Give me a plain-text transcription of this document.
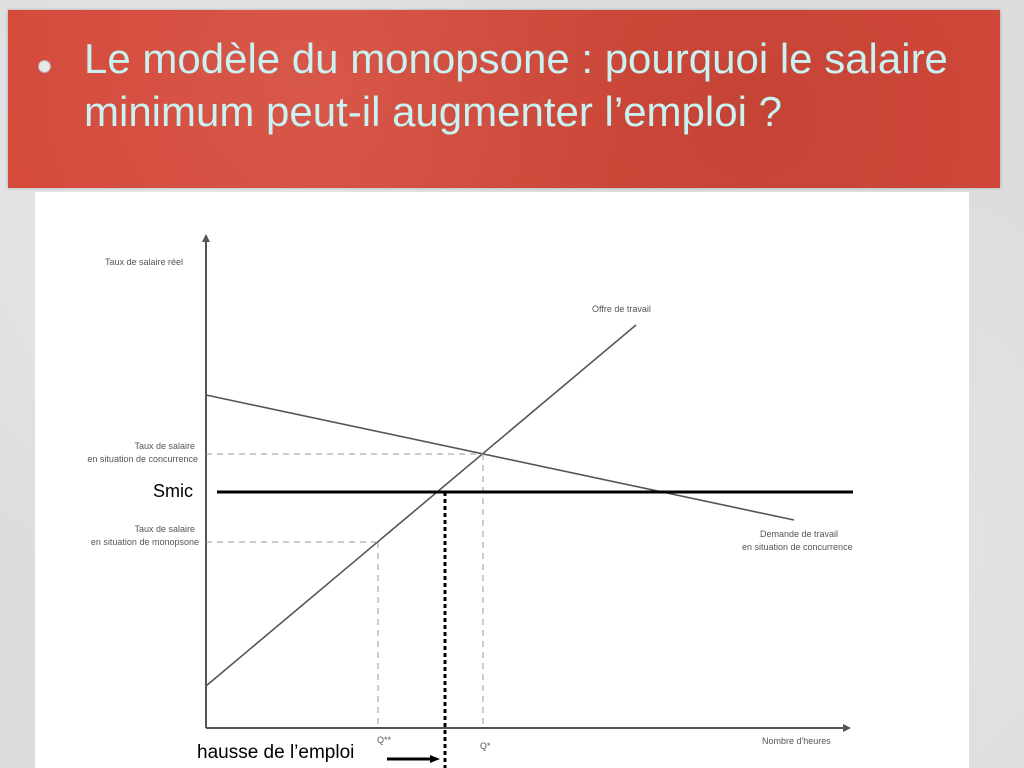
Le modèle du monopsone : pourquoi le salaire minimum peut-il augmenter l’emploi ?
Taux de salaire réel
Nombre d'heures
Offre de travail
Demande de travail
en situation de concurrence
Taux de salaire
en situation de concurrence
Taux de salaire
en situation de monopsone
Q**
Q*
Smic
hausse de l’emploi
